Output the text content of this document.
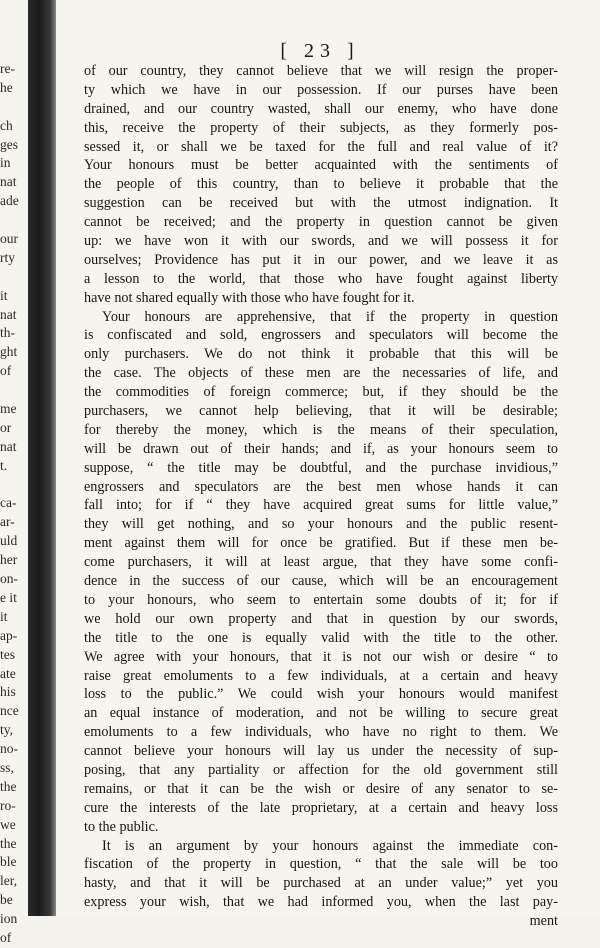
re-
he
ch
ges
in
nat
ade
our
rty
it
nat
th-
ght
of
me
or
nat
t.
ca-
ar-
uld
her
on-
e it
it
ap-
tes
ate
his
nce
ty,
no-
ss,
the
ro-
we
the
ble
ler,
be
ion
of
[ 23 ]
of our country, they cannot believe that we will resign the proper-
ty which we have in our possession. If our purses have been
drained, and our country wasted, shall our enemy, who have done
this, receive the property of their subjects, as they formerly pos-
sessed it, or shall we be taxed for the full and real value of it?
Your honours must be better acquainted with the sentiments of
the people of this country, than to believe it probable that the
suggestion can be received but with the utmost indignation. It
cannot be received; and the property in question cannot be given
up: we have won it with our swords, and we will possess it for
ourselves; Providence has put it in our power, and we leave it as
a lesson to the world, that those who have fought against liberty
have not shared equally with those who have fought for it.
Your honours are apprehensive, that if the property in question
is confiscated and sold, engrossers and speculators will become the
only purchasers. We do not think it probable that this will be
the case. The objects of these men are the necessaries of life, and
the commodities of foreign commerce; but, if they should be the
purchasers, we cannot help believing, that it will be desirable;
for thereby the money, which is the means of their speculation,
will be drawn out of their hands; and if, as your honours seem to
suppose, “ the title may be doubtful, and the purchase invidious,”
engrossers and speculators are the best men whose hands it can
fall into; for if “ they have acquired great sums for little value,”
they will get nothing, and so your honours and the public resent-
ment against them will for once be gratified. But if these men be-
come purchasers, it will at least argue, that they have some confi-
dence in the success of our cause, which will be an encouragement
to your honours, who seem to entertain some doubts of it; for if
we hold our own property and that in question by our swords,
the title to the one is equally valid with the title to the other.
We agree with your honours, that it is not our wish or desire “ to
raise great emoluments to a few individuals, at a certain and heavy
loss to the public.” We could wish your honours would manifest
an equal instance of moderation, and not be willing to secure great
emoluments to a few individuals, who have no right to them. We
cannot believe your honours will lay us under the necessity of sup-
posing, that any partiality or affection for the old government still
remains, or that it can be the wish or desire of any senator to se-
cure the interests of the late proprietary, at a certain and heavy loss
to the public.
It is an argument by your honours against the immediate con-
fiscation of the property in question, “ that the sale will be too
hasty, and that it will be purchased at an under value;” yet you
express your wish, that we had informed you, when the last pay-
ment
